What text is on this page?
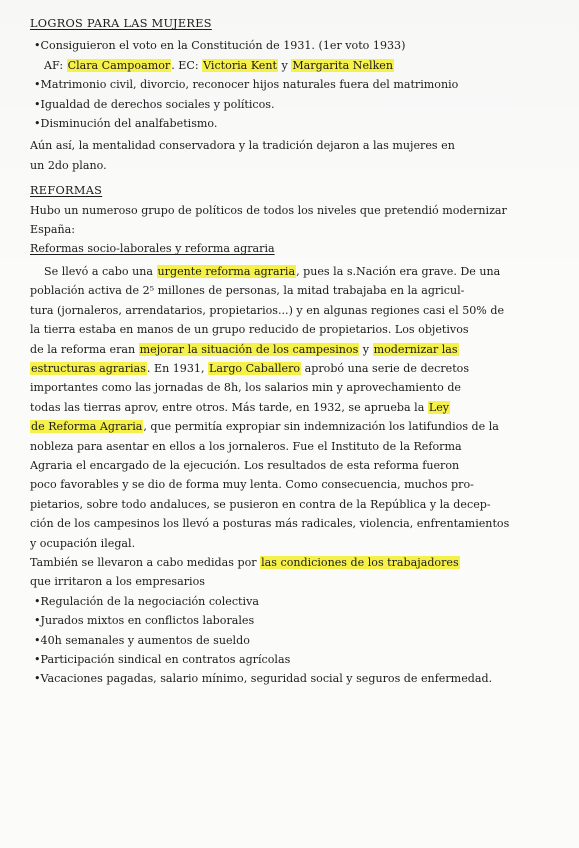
LOGROS PARA LAS MUJERES
•Consiguieron el voto en la Constitución de 1931. (1er voto 1933)
AF: Clara Campoamor. EC: Victoria Kent y Margarita Nelken
•Matrimonio civil, divorcio, reconocer hijos naturales fuera del matrimonio
•Igualdad de derechos sociales y políticos.
•Disminución del analfabetismo.
Aún así, la mentalidad conservadora y la tradición dejaron a las mujeres en
un 2do plano.
REFORMAS
Hubo un numeroso grupo de políticos de todos los niveles que pretendió modernizar
España:
Reformas socio-laborales y reforma agraria
Se llevó a cabo una urgente reforma agraria, pues la s.Nación era grave. De una
población activa de 2⁵ millones de personas, la mitad trabajaba en la agricul-
tura (jornaleros, arrendatarios, propietarios...) y en algunas regiones casi el 50% de
la tierra estaba en manos de un grupo reducido de propietarios. Los objetivos
de la reforma eran mejorar la situación de los campesinos y modernizar las
estructuras agrarias. En 1931, Largo Caballero aprobó una serie de decretos
importantes como las jornadas de 8h, los salarios min y aprovechamiento de
todas las tierras aprov, entre otros. Más tarde, en 1932, se aprueba la Ley
de Reforma Agraria, que permitía expropiar sin indemnización los latifundios de la
nobleza para asentar en ellos a los jornaleros. Fue el Instituto de la Reforma
Agraria el encargado de la ejecución. Los resultados de esta reforma fueron
poco favorables y se dio de forma muy lenta. Como consecuencia, muchos pro-
pietarios, sobre todo andaluces, se pusieron en contra de la República y la decep-
ción de los campesinos los llevó a posturas más radicales, violencia, enfrentamientos
y ocupación ilegal.
También se llevaron a cabo medidas por las condiciones de los trabajadores
que irritaron a los empresarios
•Regulación de la negociación colectiva
•Jurados mixtos en conflictos laborales
•40h semanales y aumentos de sueldo
•Participación sindical en contratos agrícolas
•Vacaciones pagadas, salario mínimo, seguridad social y seguros de enfermedad.
